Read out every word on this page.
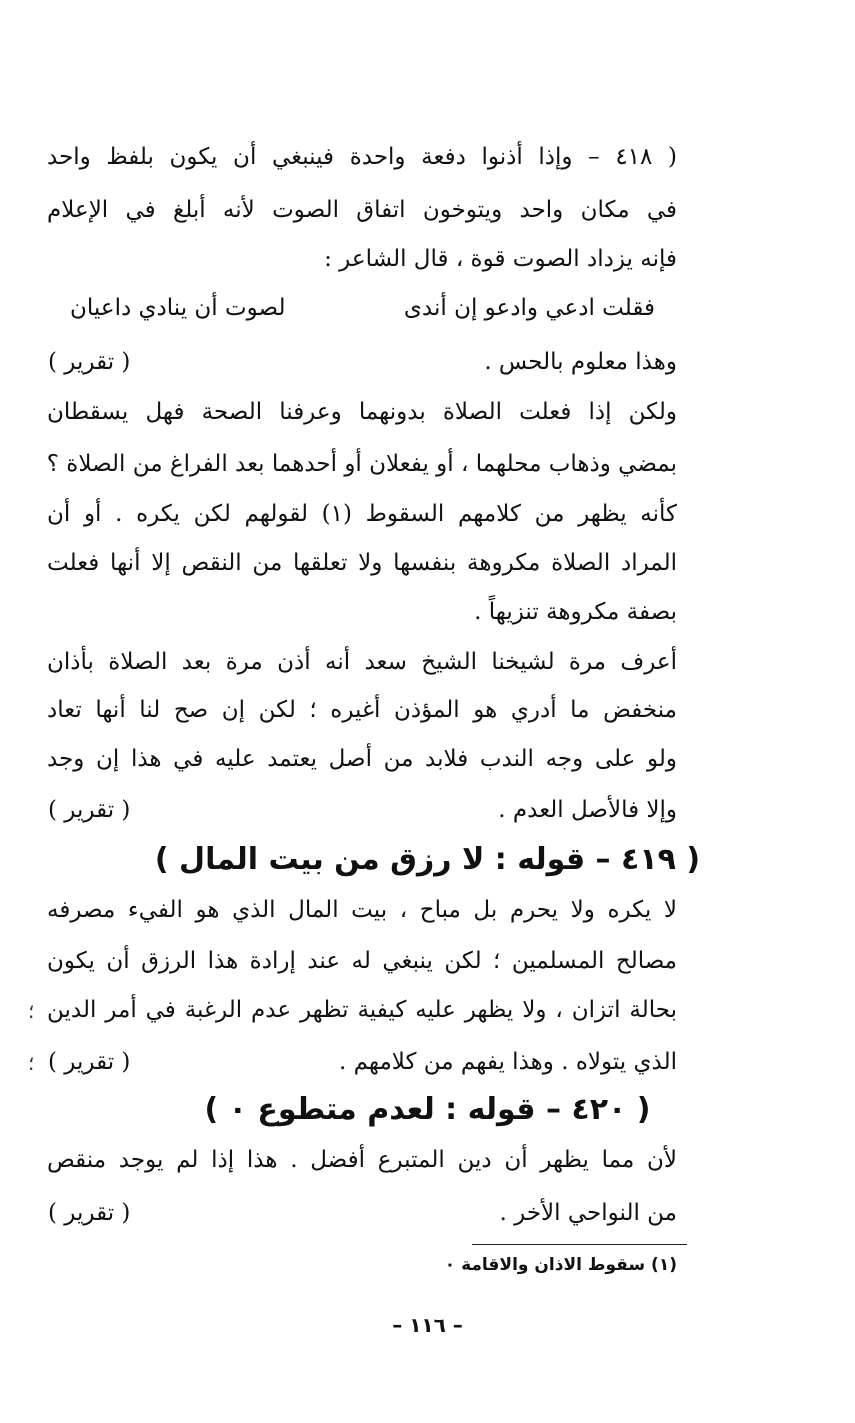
( ٤١٨ – وإذا أذنوا دفعة واحدة فينبغي أن يكون بلفظ واحد
في مكان واحد ويتوخون اتفاق الصوت لأنه أبلغ في الإعلام
فإنه يزداد الصوت قوة ، قال الشاعر :
فقلت ادعي وادعو إن أندى
لصوت أن ينادي داعيان
وهذا معلوم بالحس .
( تقرير )
ولكن إذا فعلت الصلاة بدونهما وعرفنا الصحة فهل يسقطان
بمضي وذهاب محلهما ، أو يفعلان أو أحدهما بعد الفراغ من الصلاة ؟
كأنه يظهر من كلامهم السقوط (١) لقولهم لكن يكره . أو أن
المراد الصلاة مكروهة بنفسها ولا تعلقها من النقص إلا أنها فعلت
بصفة مكروهة تنزيهاً .
أعرف مرة لشيخنا الشيخ سعد أنه أذن مرة بعد الصلاة بأذان
منخفض ما أدري هو المؤذن أغيره ؛ لكن إن صح لنا أنها تعاد
ولو على وجه الندب فلابد من أصل يعتمد عليه في هذا إن وجد
وإلا فالأصل العدم .
( تقرير )
( ٤١٩ – قوله : لا رزق من بيت المال )
لا يكره ولا يحرم بل مباح ، بيت المال الذي هو الفيء مصرفه
مصالح المسلمين ؛ لكن ينبغي له عند إرادة هذا الرزق أن يكون
بحالة اتزان ، ولا يظهر عليه كيفية تظهر عدم الرغبة في أمر الدين
الذي يتولاه . وهذا يفهم من كلامهم .
( تقرير )
؛
؛
( ٤٢٠ – قوله : لعدم متطوع ٠ )
لأن مما يظهر أن دين المتبرع أفضل . هذا إذا لم يوجد منقص
من النواحي الأخر .
( تقرير )
(١) سقوط الاذان والاقامة ٠
– ١١٦ –
